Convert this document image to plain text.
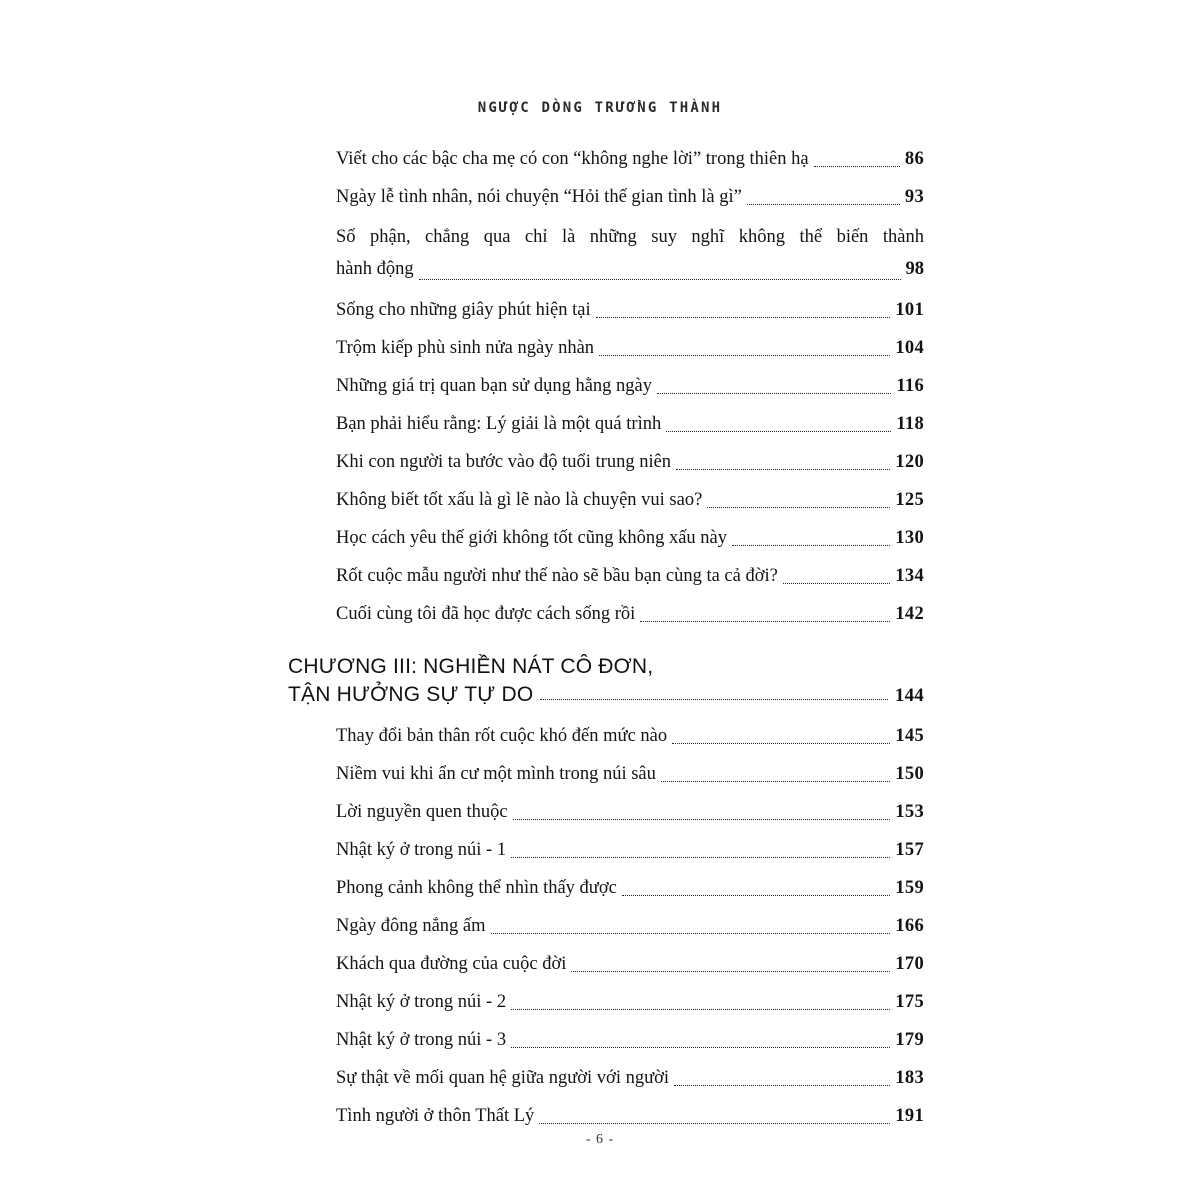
NGƯỢC DÒNG TRƯỞNG THÀNH
Viết cho các bậc cha mẹ có con “không nghe lời” trong thiên hạ	86
Ngày lễ tình nhân, nói chuyện “Hỏi thế gian tình là gì”	93
Số phận, chẳng qua chỉ là những suy nghĩ không thể biến thành
hành động	98
Sống cho những giây phút hiện tại	101
Trộm kiếp phù sinh nửa ngày nhàn	104
Những giá trị quan bạn sử dụng hằng ngày	116
Bạn phải hiểu rằng: Lý giải là một quá trình	118
Khi con người ta bước vào độ tuổi trung niên	120
Không biết tốt xấu là gì lẽ nào là chuyện vui sao?	125
Học cách yêu thế giới không tốt cũng không xấu này	130
Rốt cuộc mẫu người như thế nào sẽ bầu bạn cùng ta cả đời?	134
Cuối cùng tôi đã học được cách sống rồi	142
CHƯƠNG III: NGHIỀN NÁT CÔ ĐƠN,
TẬN HƯỞNG SỰ TỰ DO	144
Thay đổi bản thân rốt cuộc khó đến mức nào	145
Niềm vui khi ẩn cư một mình trong núi sâu	150
Lời nguyền quen thuộc	153
Nhật ký ở trong núi - 1	157
Phong cảnh không thể nhìn thấy được	159
Ngày đông nắng ấm	166
Khách qua đường của cuộc đời	170
Nhật ký ở trong núi - 2	175
Nhật ký ở trong núi - 3	179
Sự thật về mối quan hệ giữa người với người	183
Tình người ở thôn Thất Lý	191
- 6 -
